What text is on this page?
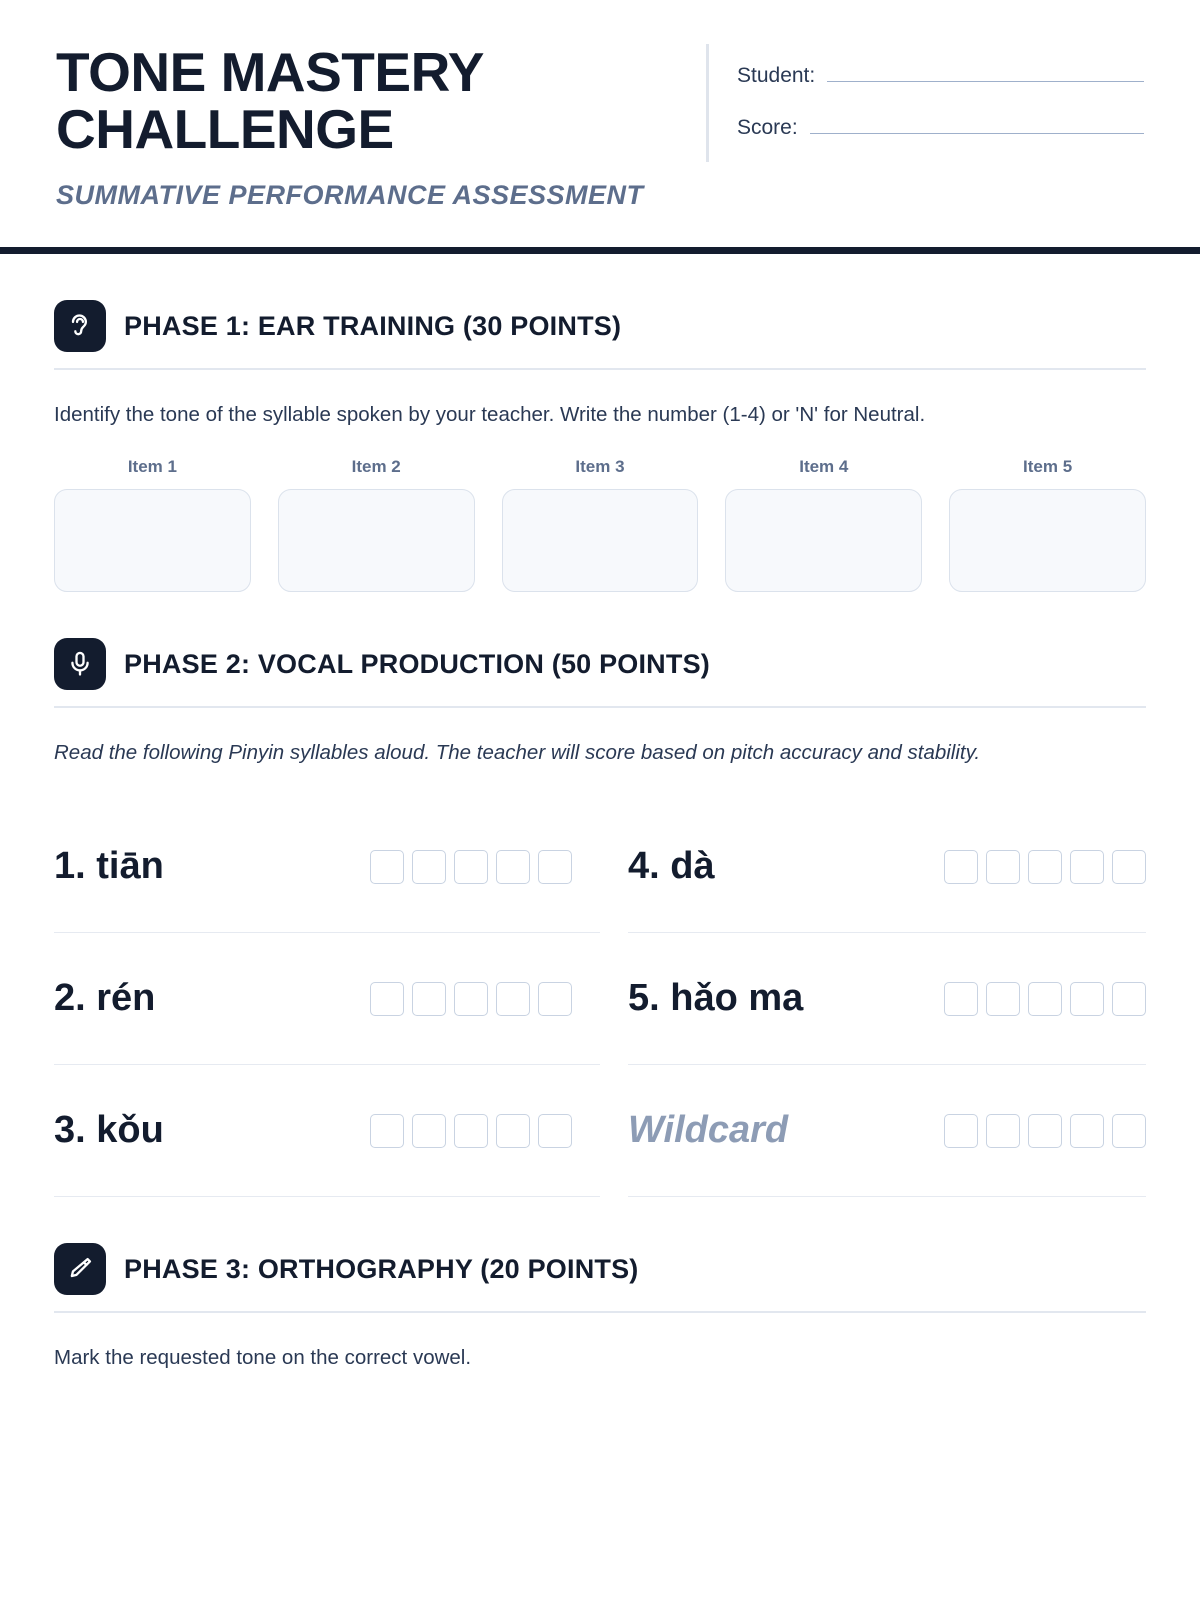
TONE MASTERY CHALLENGE
SUMMATIVE PERFORMANCE ASSESSMENT
Student:
Score:
PHASE 1: EAR TRAINING (30 POINTS)
Identify the tone of the syllable spoken by your teacher. Write the number (1-4) or 'N' for Neutral.
Item 1	Item 2	Item 3	Item 4	Item 5
PHASE 2: VOCAL PRODUCTION (50 POINTS)
Read the following Pinyin syllables aloud. The teacher will score based on pitch accuracy and stability.
1. tiān
2. rén
3. kǒu
4. dà
5. hǎo ma
Wildcard
PHASE 3: ORTHOGRAPHY (20 POINTS)
Mark the requested tone on the correct vowel.
